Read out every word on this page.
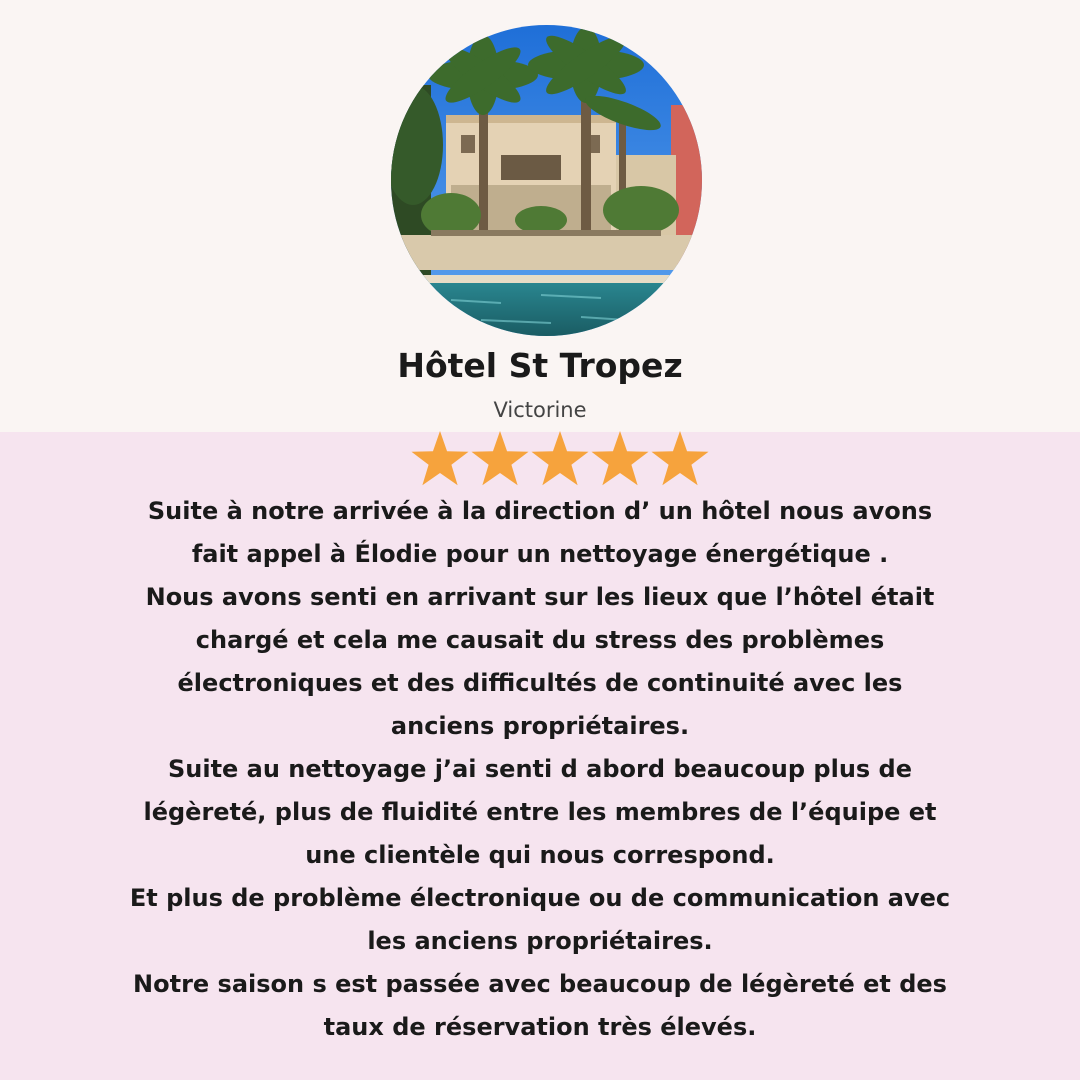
Hôtel St Tropez
Victorine

Suite à notre arrivée à la direction d’ un hôtel nous avons
fait appel à Élodie pour un nettoyage énergétique .
Nous avons senti en arrivant sur les lieux que l’hôtel était
chargé et cela me causait du stress des problèmes
électroniques et des difficultés de continuité avec les
anciens propriétaires.
Suite au nettoyage j’ai senti d abord beaucoup plus de
légèreté, plus de fluidité entre les membres de l’équipe et
une clientèle qui nous correspond.
Et plus de problème électronique ou de communication avec
les anciens propriétaires.
Notre saison s est passée avec beaucoup de légèreté et des
taux de réservation très élevés.
